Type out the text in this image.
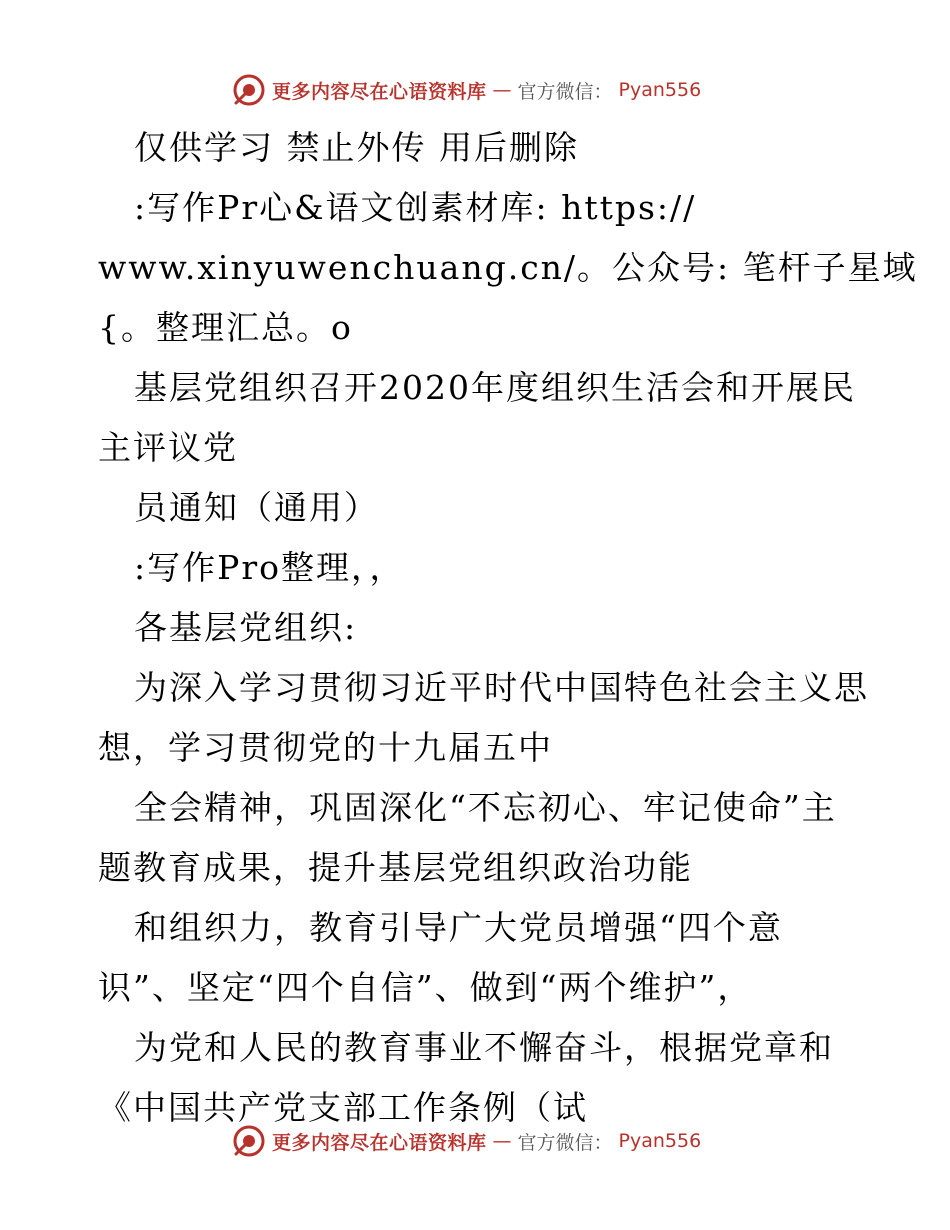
更多内容尽在心语资料库 — 官方微信： Pyan556
仅供学习 禁止外传 用后删除
:写作Pr心&语文创素材库: https://
www.xinyuwenchuang.cn/。公众号: 笔杆子星域
{。整理汇总。o
基层党组织召开2020年度组织生活会和开展民
主评议党
员通知（通用）
:写作Pro整理，，
各基层党组织:
为深入学习贯彻习近平时代中国特色社会主义思
想，学习贯彻党的十九届五中
全会精神，巩固深化“不忘初心、牢记使命”主
题教育成果，提升基层党组织政治功能
和组织力，教育引导广大党员增强“四个意
识”、坚定“四个自信”、做到“两个维护”，
为党和人民的教育事业不懈奋斗，根据党章和
《中国共产党支部工作条例（试
更多内容尽在心语资料库 — 官方微信： Pyan556
